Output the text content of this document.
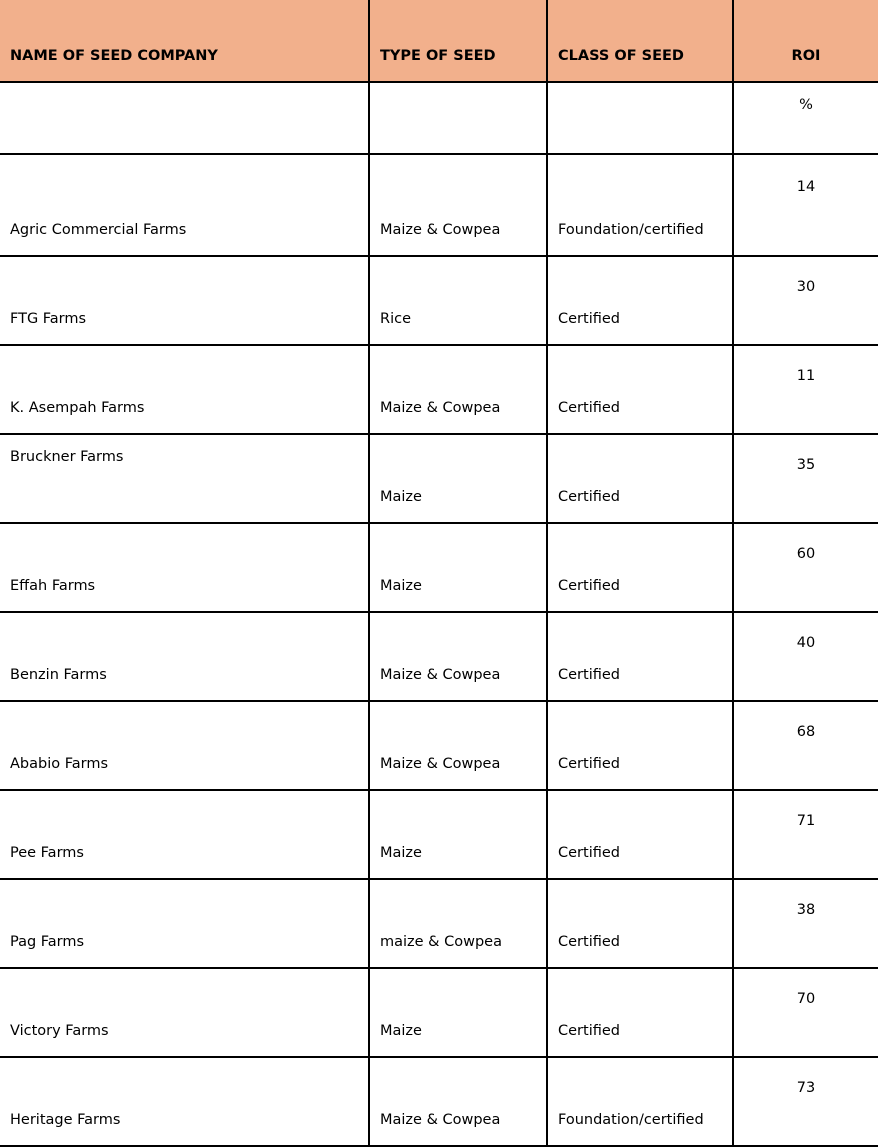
NAME OF SEED COMPANY	TYPE OF SEED	CLASS OF SEED	ROI
			%
Agric Commercial Farms	Maize & Cowpea	Foundation/certified	14
FTG Farms	Rice	Certified	30
K. Asempah Farms	Maize & Cowpea	Certified	11
Bruckner Farms	Maize	Certified	35
Effah Farms	Maize	Certified	60
Benzin Farms	Maize & Cowpea	Certified	40
Ababio Farms	Maize & Cowpea	Certified	68
Pee Farms	Maize	Certified	71
Pag Farms	maize & Cowpea	Certified	38
Victory Farms	Maize	Certified	70
Heritage Farms	Maize & Cowpea	Foundation/certified	73
